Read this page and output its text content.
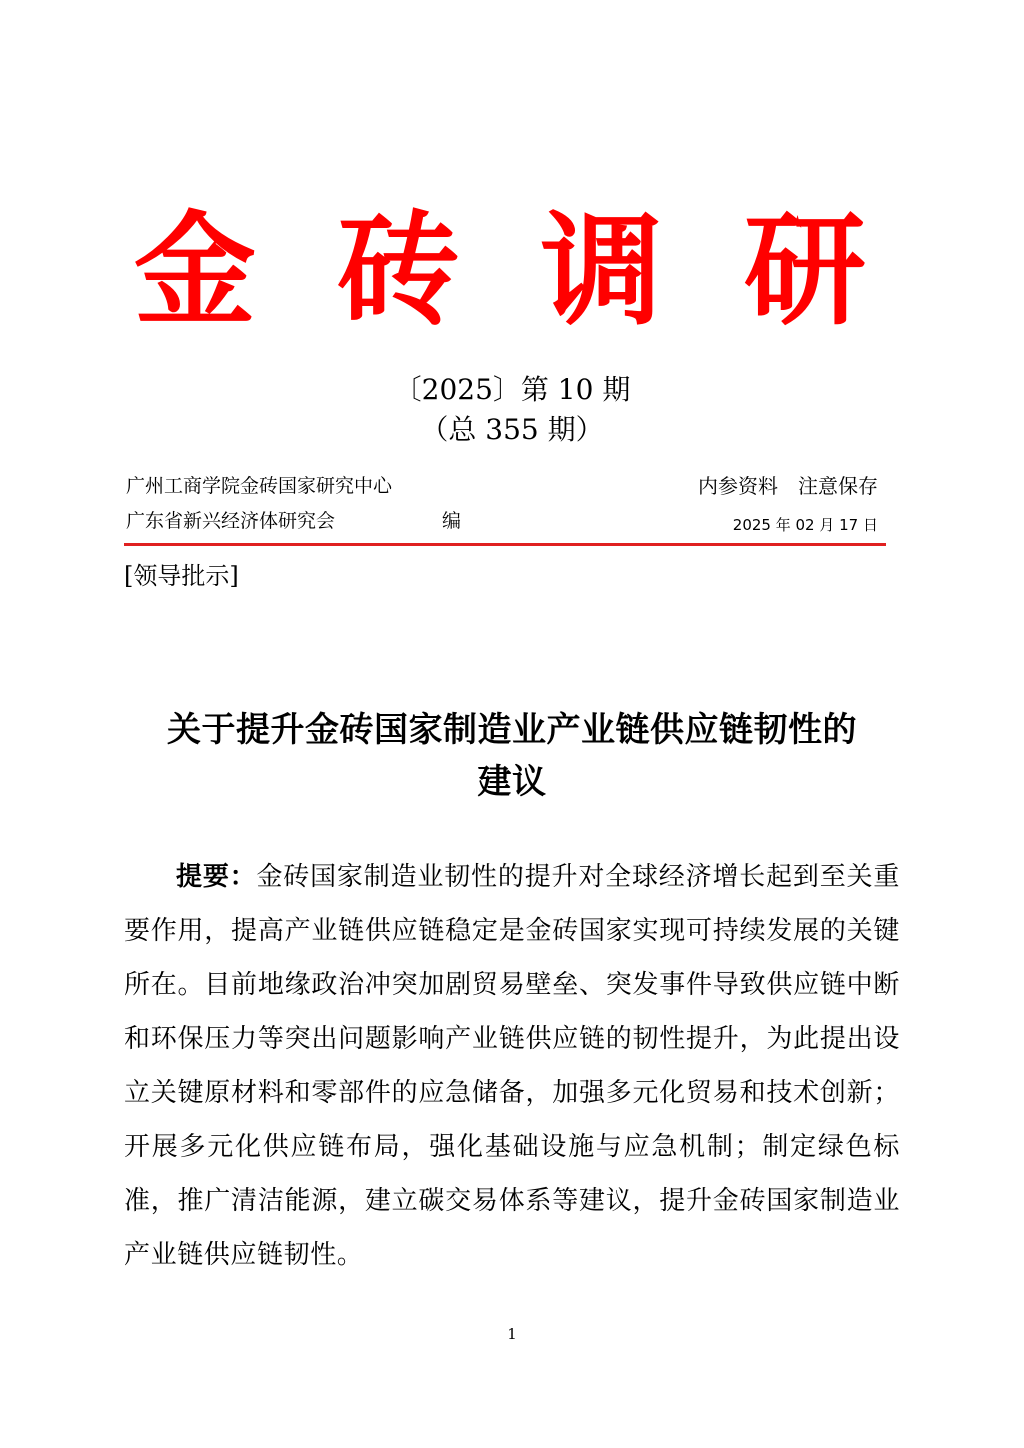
金 砖 调 研
〔2025〕第 10 期
（总 355 期）
广州工商学院金砖国家研究中心
广东省新兴经济体研究会	编
内参资料　注意保存
2025 年 02 月 17 日
[领导批示]
关于提升金砖国家制造业产业链供应链韧性的
建议
提要：金砖国家制造业韧性的提升对全球经济增长起到至关重要作用，提高产业链供应链稳定是金砖国家实现可持续发展的关键所在。目前地缘政治冲突加剧贸易壁垒、突发事件导致供应链中断和环保压力等突出问题影响产业链供应链的韧性提升，为此提出设立关键原材料和零部件的应急储备，加强多元化贸易和技术创新；开展多元化供应链布局，强化基础设施与应急机制；制定绿色标准，推广清洁能源，建立碳交易体系等建议，提升金砖国家制造业产业链供应链韧性。
1
